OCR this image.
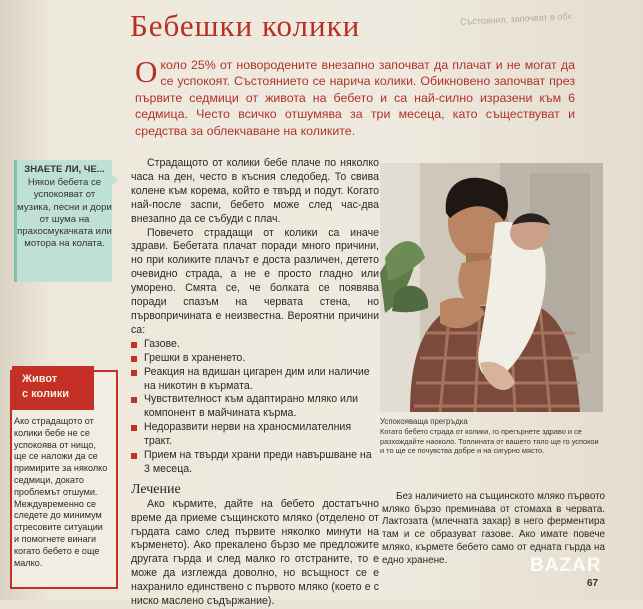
Състояния, започват в обх
Бебешки колики
Около 25% от новородените внезапно започват да плачат и не могат да се успокоят. Състоянието се нарича колики. Обикновено започват през първите седмици от живота на бебето и са най-силно изразени към 6 седмица. Често всичко отшумява за три месеца, като съществуват и средства за облекчаване на коликите.
ЗНАЕТЕ ЛИ, ЧЕ...
Някои бебета се успокояват от музика, песни и дори от шума на прахосмукачката или мотора на колата.
Живот
с колики
Ако страдащото от колики бебе не се успокоява от нищо, ще се наложи да се примирите за няколко седмици, докато проблемът отшуми. Междувременно се следете до минимум стресовите ситуации и помогнете винаги когато бебето е още малко.

Страдащото от колики бебе плаче по няколко часа на ден, често в късния следобед. То свива колене към корема, който е твърд и подут. Когато най-после заспи, бебето може след час-два внезапно да се събуди с плач.

Повечето страдащи от колики са иначе здрави. Бебетата плачат поради много причини, но при коликите плачът е доста различен, детето очевидно страда, а не е просто гладно или уморено. Смята се, че болката се появява поради спазъм на червата стена, но първопричината е неизвестна. Вероятни причини са:

Газове.
Грешки в храненето.
Реакция на вдишан цигарен дим или наличие на никотин в кърмата.
Чувствителност към адаптирано мляко или компонент в майчината кърма.
Недоразвити нерви на храносмилателния тракт.
Прием на твърди храни преди навършване на 3 месеца.
Лечение

Ако кърмите, дайте на бебето достатъчно време да приеме същинското мляко (отделено от гърдата само след първите няколко минути на кърменето). Ако прекалено бързо ме предложите другата гърда и след малко го отстраните, то е може да изглежда доволно, но всъщност се е нахранило единствено с първото мляко (което е с ниско маслено съдържание).

Успокояваща прегръдка
Когато бебето страда от колики, го прегърнете здраво и се разхождайте наоколо. Топлината от вашето тяло ще го успокои и то ще се почувства добре и на сигурно място.

Без наличието на същинското мляко първото мляко бързо преминава от стомаха в червата. Лактозата (млечната захар) в него ферментира там и се образуват газове. Ако имате повече мляко, кърмете бебето само от едната гърда на едно хранене.	BAZAR
67
